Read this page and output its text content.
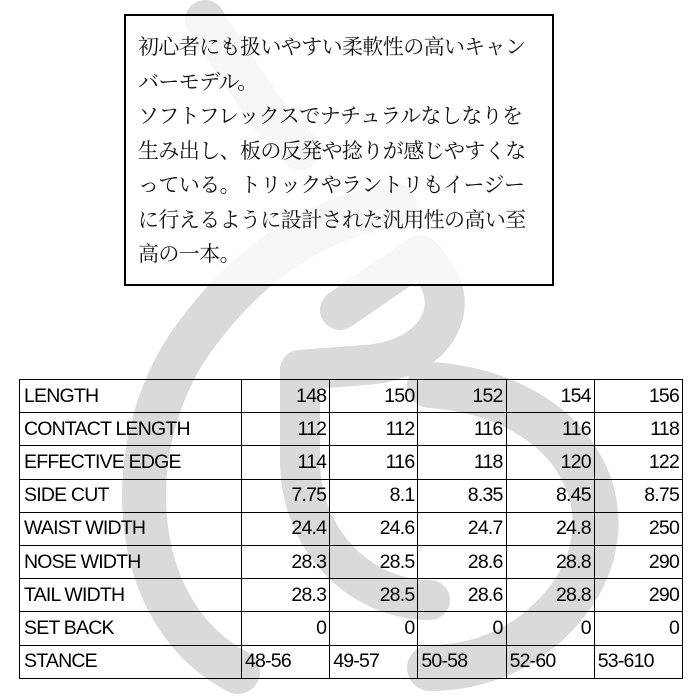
初心者にも扱いやすい柔軟性の高いキャンバーモデル。
ソフトフレックスでナチュラルなしなりを生み出し、板の反発や捻りが感じやすくなっている。トリックやラントリもイージーに行えるように設計された汎用性の高い至高の一本。

LENGTH	148	150	152	154	156
CONTACT LENGTH	112	112	116	116	118
EFFECTIVE EDGE	114	116	118	120	122
SIDE CUT	7.75	8.1	8.35	8.45	8.75
WAIST WIDTH	24.4	24.6	24.7	24.8	250
NOSE WIDTH	28.3	28.5	28.6	28.8	290
TAIL WIDTH	28.3	28.5	28.6	28.8	290
SET BACK	0	0	0	0	0
STANCE	48-56	49-57	50-58	52-60	53-610
